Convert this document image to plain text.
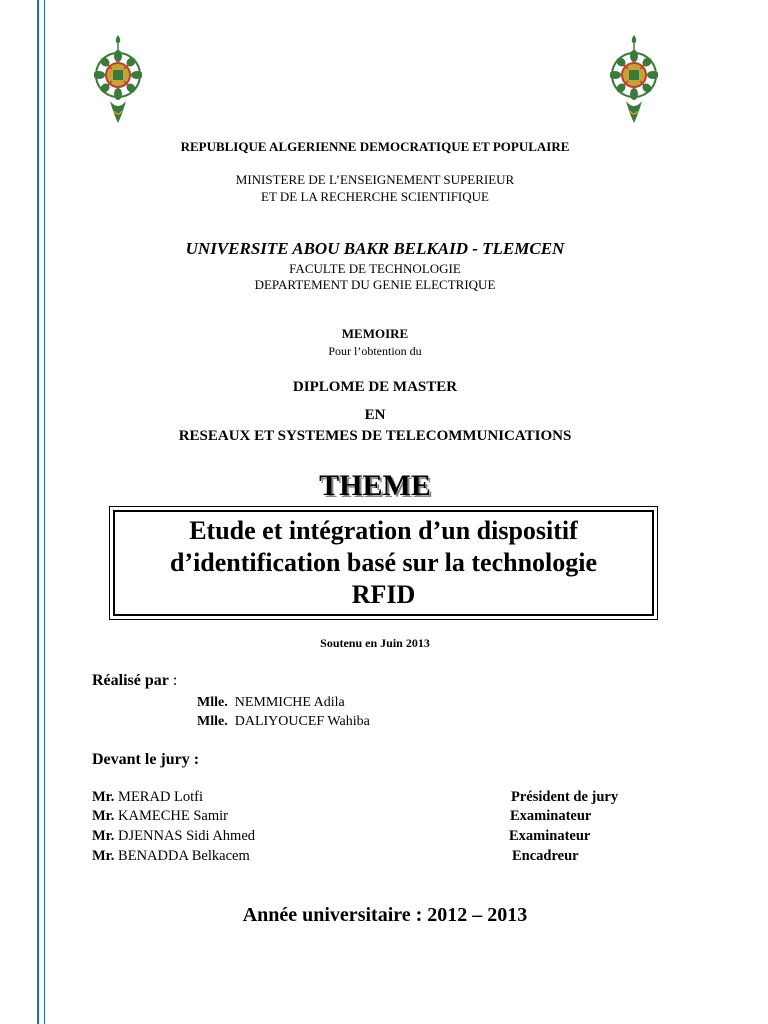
REPUBLIQUE ALGERIENNE DEMOCRATIQUE ET POPULAIRE
MINISTERE DE L’ENSEIGNEMENT SUPERIEUR
ET DE LA RECHERCHE SCIENTIFIQUE
UNIVERSITE ABOU BAKR BELKAID - TLEMCEN
FACULTE DE TECHNOLOGIE
DEPARTEMENT DU GENIE ELECTRIQUE
MEMOIRE
Pour l’obtention du
DIPLOME DE MASTER
EN
RESEAUX ET SYSTEMES DE TELECOMMUNICATIONS
THEME
Etude et intégration d’un dispositif
d’identification basé sur la technologie
RFID
Soutenu en Juin 2013
Réalisé par :
Mlle. NEMMICHE Adila
Mlle. DALIYOUCEF Wahiba
Devant le jury :
Mr. MERAD Lotfi	Président de jury
Mr. KAMECHE Samir	Examinateur
Mr. DJENNAS Sidi Ahmed	Examinateur
Mr. BENADDA Belkacem	Encadreur
Année universitaire : 2012 – 2013
